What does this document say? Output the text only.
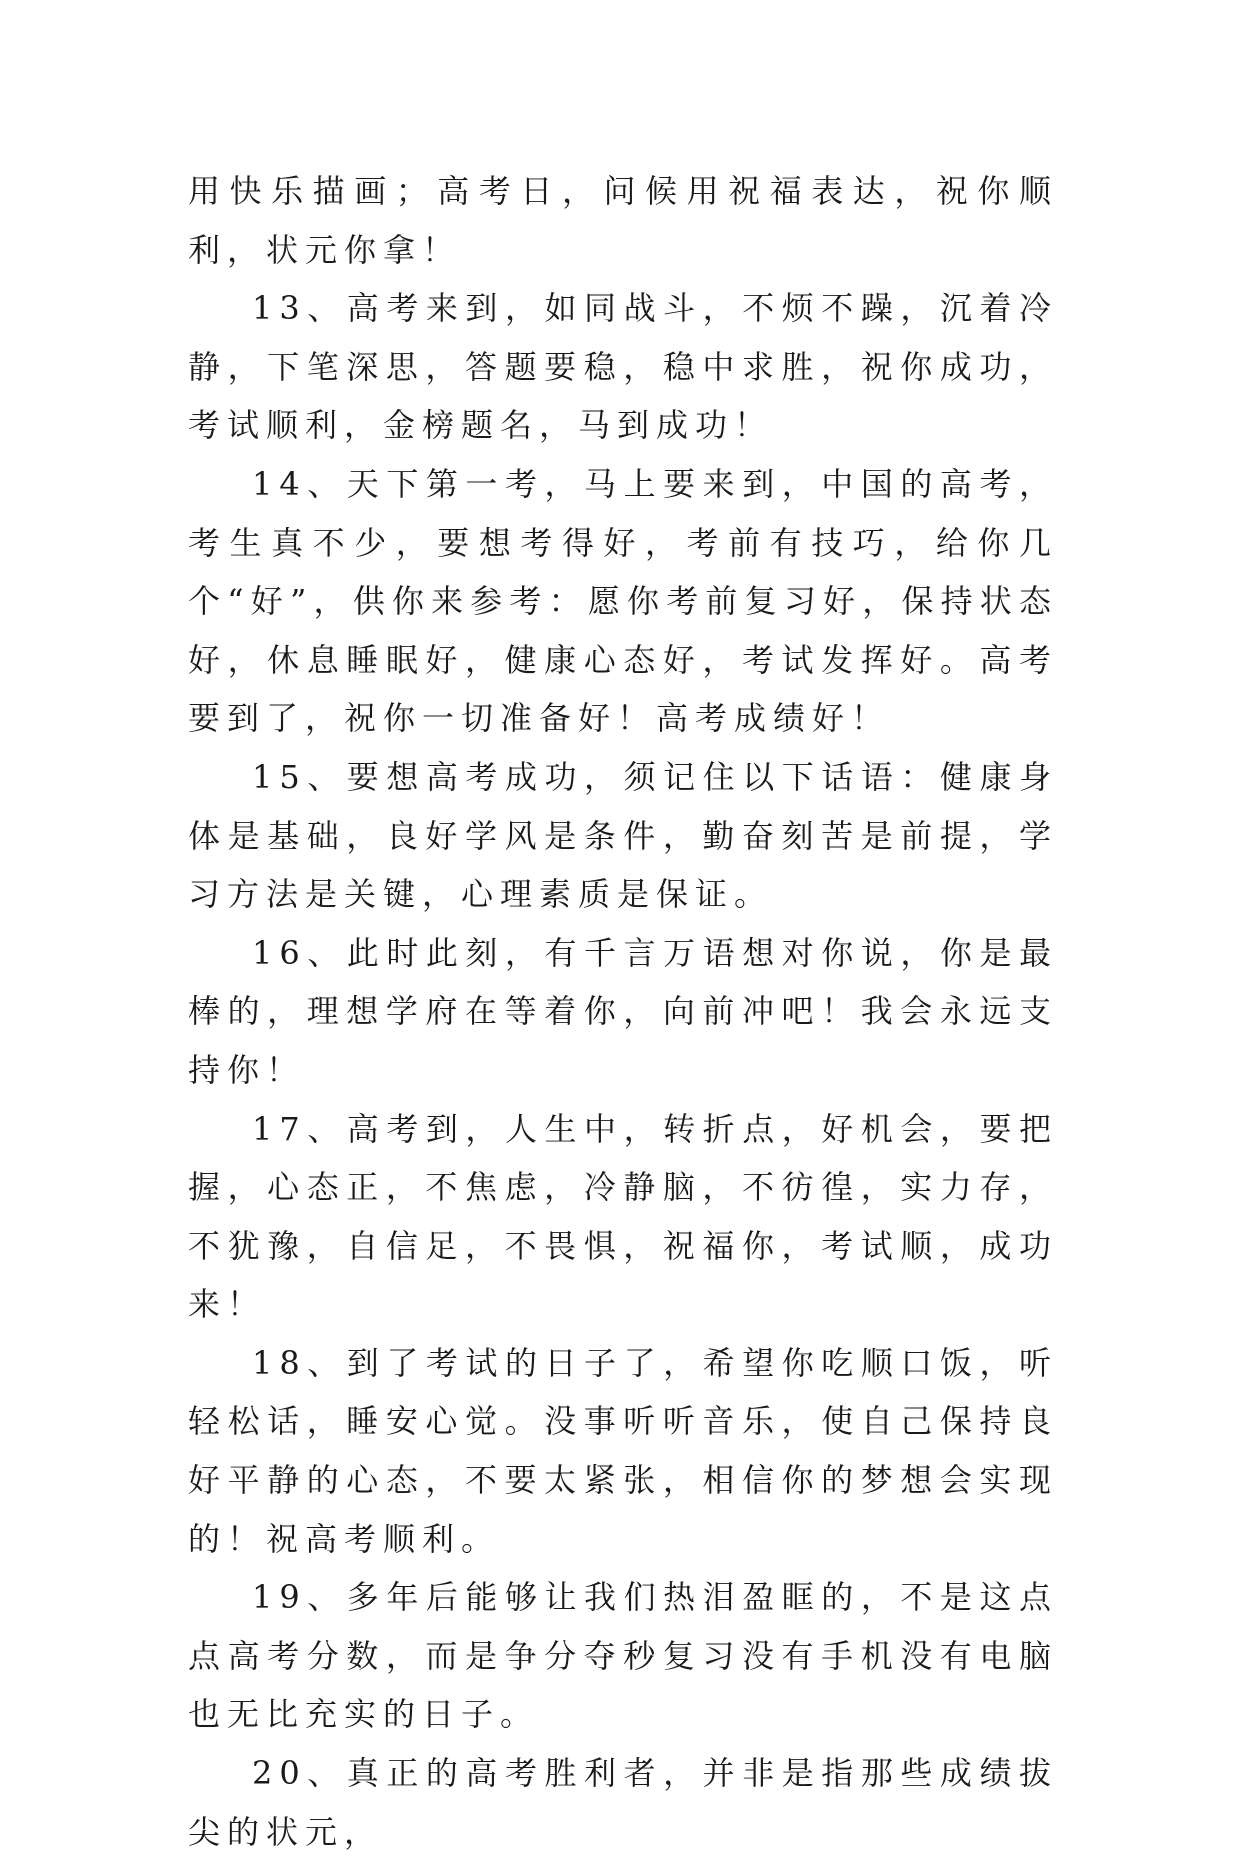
用快乐描画；高考日，问候用祝福表达，祝你顺利，状元你拿！

13、高考来到，如同战斗，不烦不躁，沉着冷静，下笔深思，答题要稳，稳中求胜，祝你成功，考试顺利，金榜题名，马到成功！

14、天下第一考，马上要来到，中国的高考，考生真不少，要想考得好，考前有技巧，给你几个“好”，供你来参考：愿你考前复习好，保持状态好，休息睡眠好，健康心态好，考试发挥好。高考要到了，祝你一切准备好！高考成绩好！

15、要想高考成功，须记住以下话语：健康身体是基础，良好学风是条件，勤奋刻苦是前提，学习方法是关键，心理素质是保证。

16、此时此刻，有千言万语想对你说，你是最棒的，理想学府在等着你，向前冲吧！我会永远支持你！

17、高考到，人生中，转折点，好机会，要把握，心态正，不焦虑，冷静脑，不彷徨，实力存，不犹豫，自信足，不畏惧，祝福你，考试顺，成功来！

18、到了考试的日子了，希望你吃顺口饭，听轻松话，睡安心觉。没事听听音乐，使自己保持良好平静的心态，不要太紧张，相信你的梦想会实现的！祝高考顺利。

19、多年后能够让我们热泪盈眶的，不是这点点高考分数，而是争分夺秒复习没有手机没有电脑也无比充实的日子。

20、真正的高考胜利者，并非是指那些成绩拔尖的状元，
